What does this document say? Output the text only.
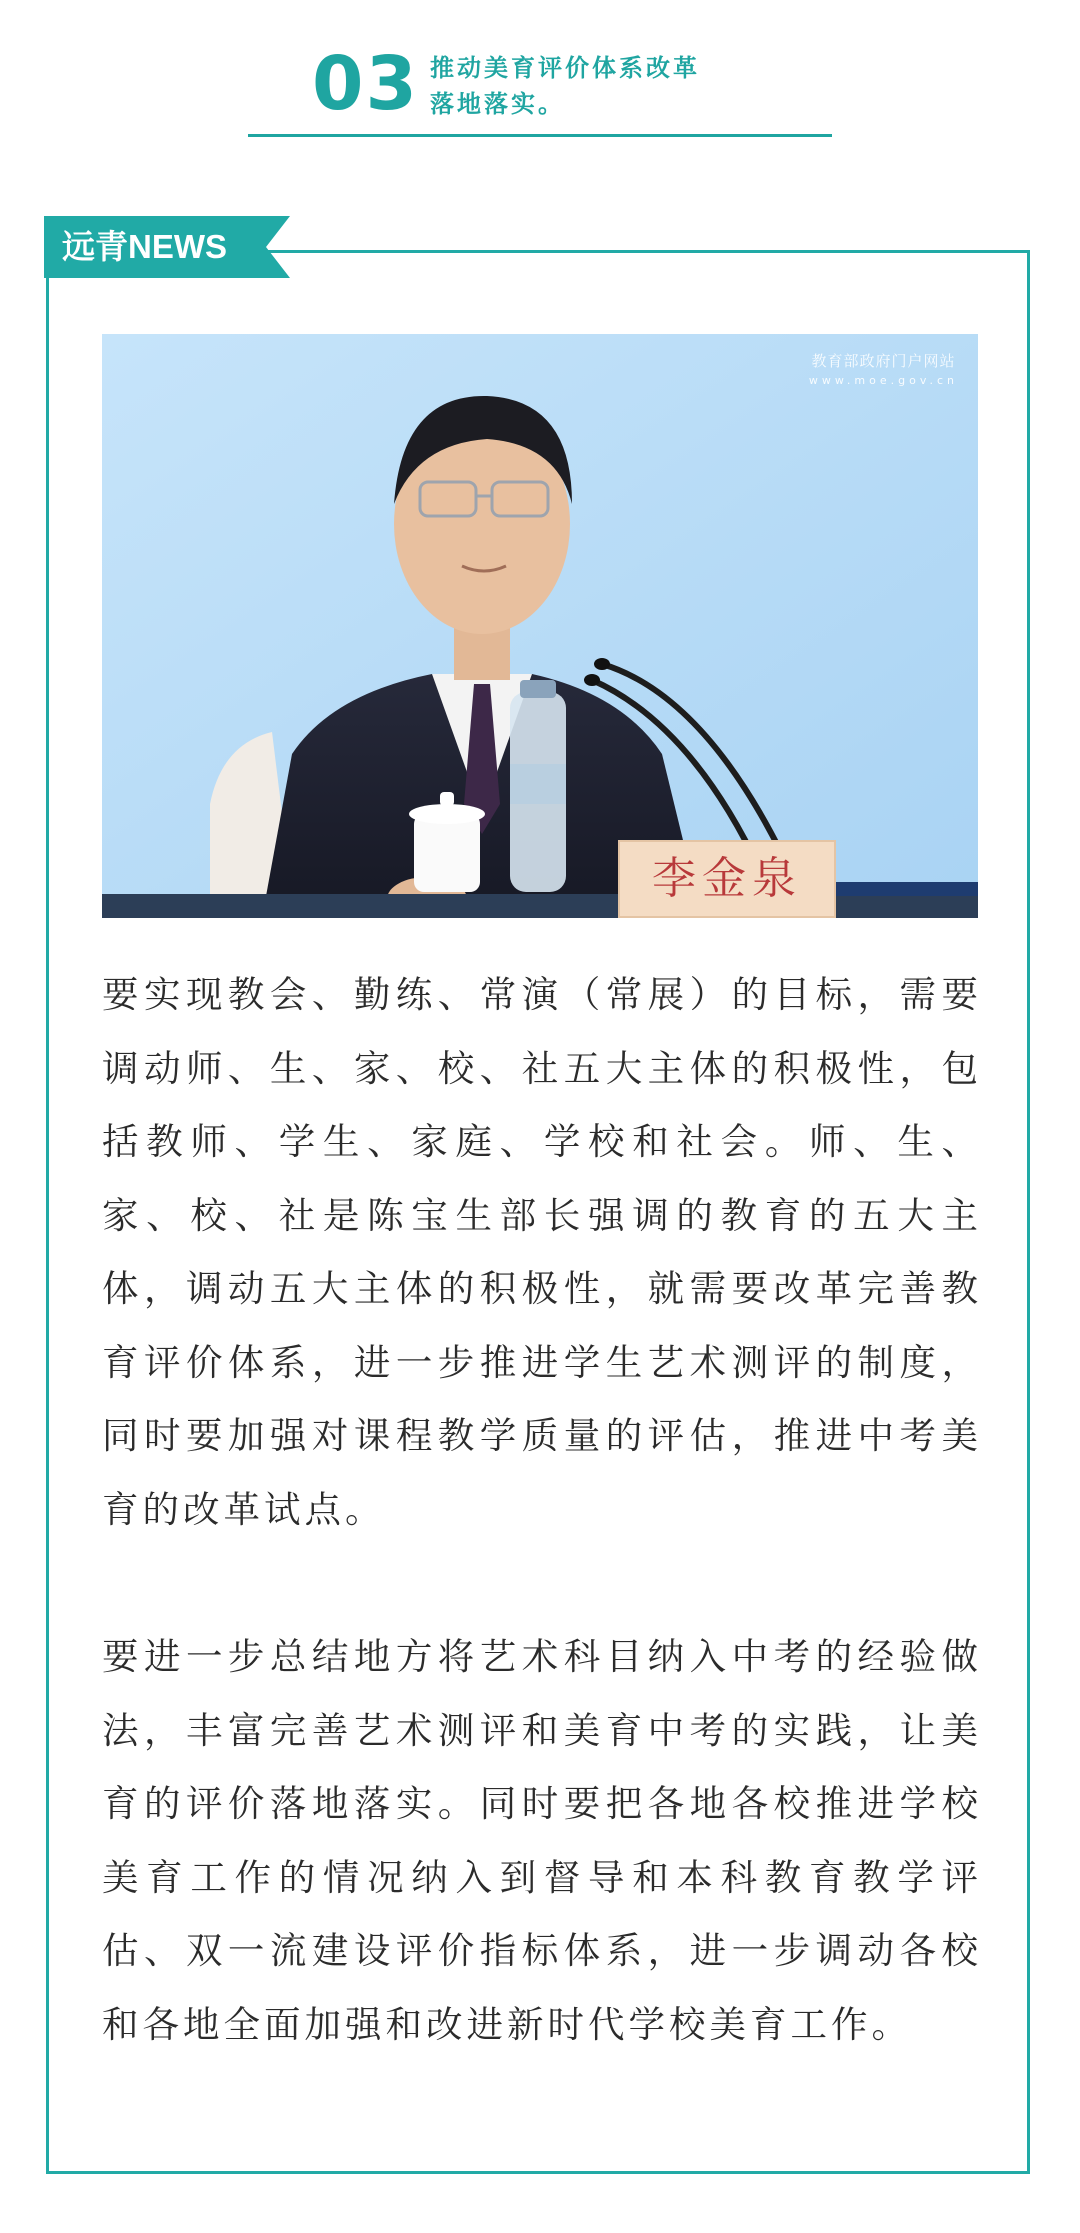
03 推动美育评价体系改革
落地落实。
远青NEWS
教育部政府门户网站
www.moe.gov.cn
李金泉

要实现教会、勤练、常演（常展）的目标，需要调动师、生、家、校、社五大主体的积极性，包括教师、学生、家庭、学校和社会。师、生、家、校、社是陈宝生部长强调的教育的五大主体，调动五大主体的积极性，就需要改革完善教育评价体系，进一步推进学生艺术测评的制度，同时要加强对课程教学质量的评估，推进中考美育的改革试点。

要进一步总结地方将艺术科目纳入中考的经验做法，丰富完善艺术测评和美育中考的实践，让美育的评价落地落实。同时要把各地各校推进学校美育工作的情况纳入到督导和本科教育教学评估、双一流建设评价指标体系，进一步调动各校和各地全面加强和改进新时代学校美育工作。
